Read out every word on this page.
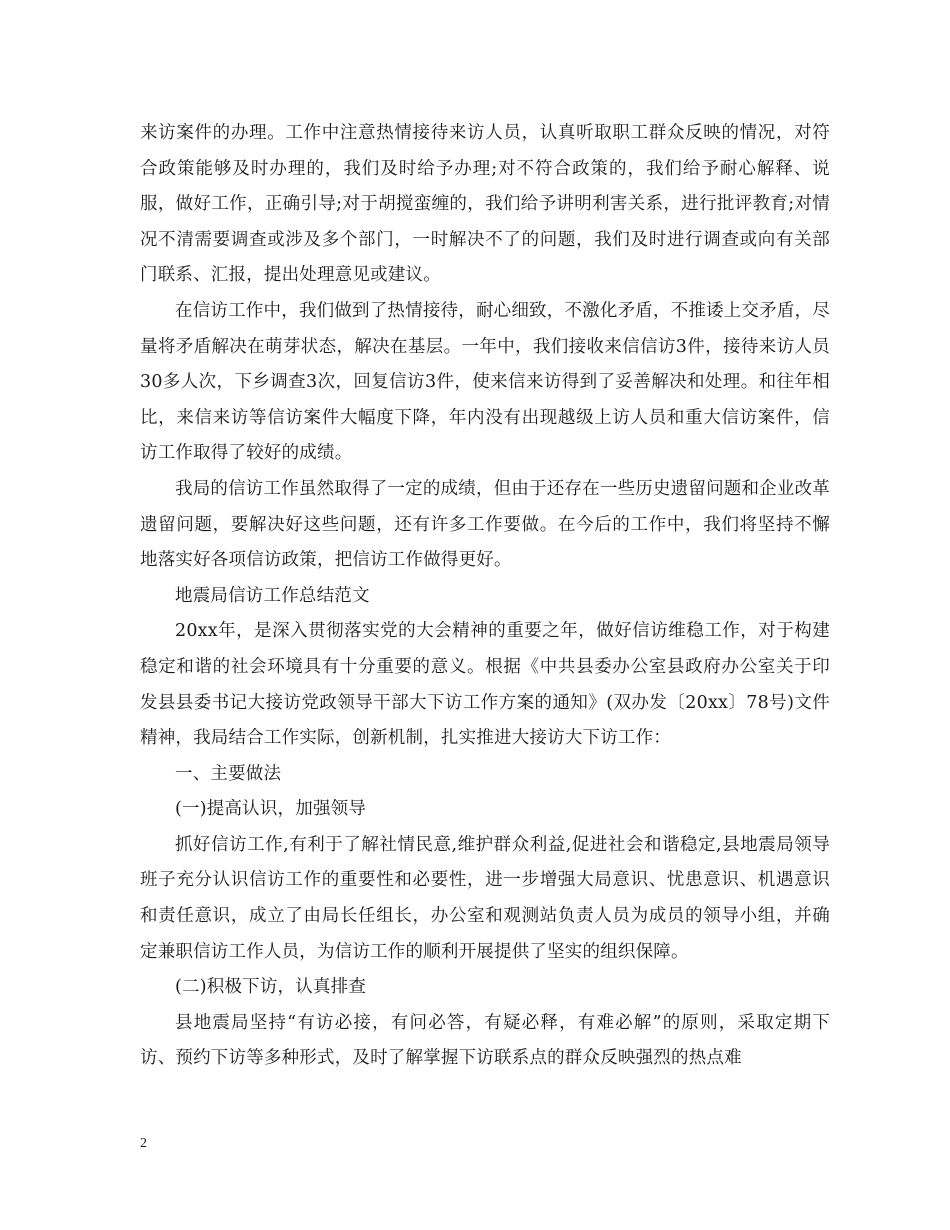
来访案件的办理。工作中注意热情接待来访人员，认真听取职工群众反映的情况，对符合政策能够及时办理的，我们及时给予办理;对不符合政策的，我们给予耐心解释、说服，做好工作，正确引导;对于胡搅蛮缠的，我们给予讲明利害关系，进行批评教育;对情况不清需要调查或涉及多个部门，一时解决不了的问题，我们及时进行调查或向有关部门联系、汇报，提出处理意见或建议。

在信访工作中，我们做到了热情接待，耐心细致，不激化矛盾，不推诿上交矛盾，尽量将矛盾解决在萌芽状态，解决在基层。一年中，我们接收来信信访3件，接待来访人员30多人次，下乡调查3次，回复信访3件，使来信来访得到了妥善解决和处理。和往年相比，来信来访等信访案件大幅度下降，年内没有出现越级上访人员和重大信访案件，信访工作取得了较好的成绩。

我局的信访工作虽然取得了一定的成绩，但由于还存在一些历史遗留问题和企业改革遗留问题，要解决好这些问题，还有许多工作要做。在今后的工作中，我们将坚持不懈地落实好各项信访政策，把信访工作做得更好。

地震局信访工作总结范文

20xx年，是深入贯彻落实党的大会精神的重要之年，做好信访维稳工作，对于构建稳定和谐的社会环境具有十分重要的意义。根据《中共县委办公室县政府办公室关于印发县县委书记大接访党政领导干部大下访工作方案的通知》(双办发〔20xx〕78号)文件精神，我局结合工作实际，创新机制，扎实推进大接访大下访工作：

一、主要做法

(一)提高认识，加强领导

抓好信访工作,有利于了解社情民意,维护群众利益,促进社会和谐稳定,县地震局领导班子充分认识信访工作的重要性和必要性，进一步增强大局意识、忧患意识、机遇意识和责任意识，成立了由局长任组长，办公室和观测站负责人员为成员的领导小组，并确定兼职信访工作人员，为信访工作的顺利开展提供了坚实的组织保障。

(二)积极下访，认真排查

县地震局坚持“有访必接，有问必答，有疑必释，有难必解”的原则，采取定期下访、预约下访等多种形式，及时了解掌握下访联系点的群众反映强烈的热点难

2
